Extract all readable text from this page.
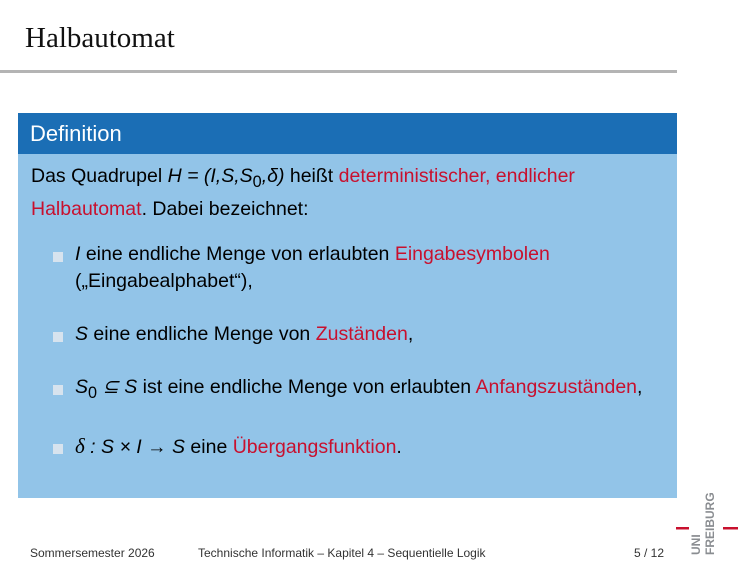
Halbautomat
Definition

Das Quadrupel $H = (I,S,S_0,\delta)$ heißt deterministischer, endlicher Halbautomat. Dabei bezeichnet:

I eine endliche Menge von erlaubten Eingabesymbolen („Eingabealphabet“),
S eine endliche Menge von Zuständen,
$S_0$ ⊆ S ist eine endliche Menge von erlaubten Anfangszuständen,
δ : S × I → S eine Übergangsfunktion.
Sommersemester 2026	Technische Informatik – Kapitel 4 – Sequentielle Logik	5 / 12 UNI FREIBURG
